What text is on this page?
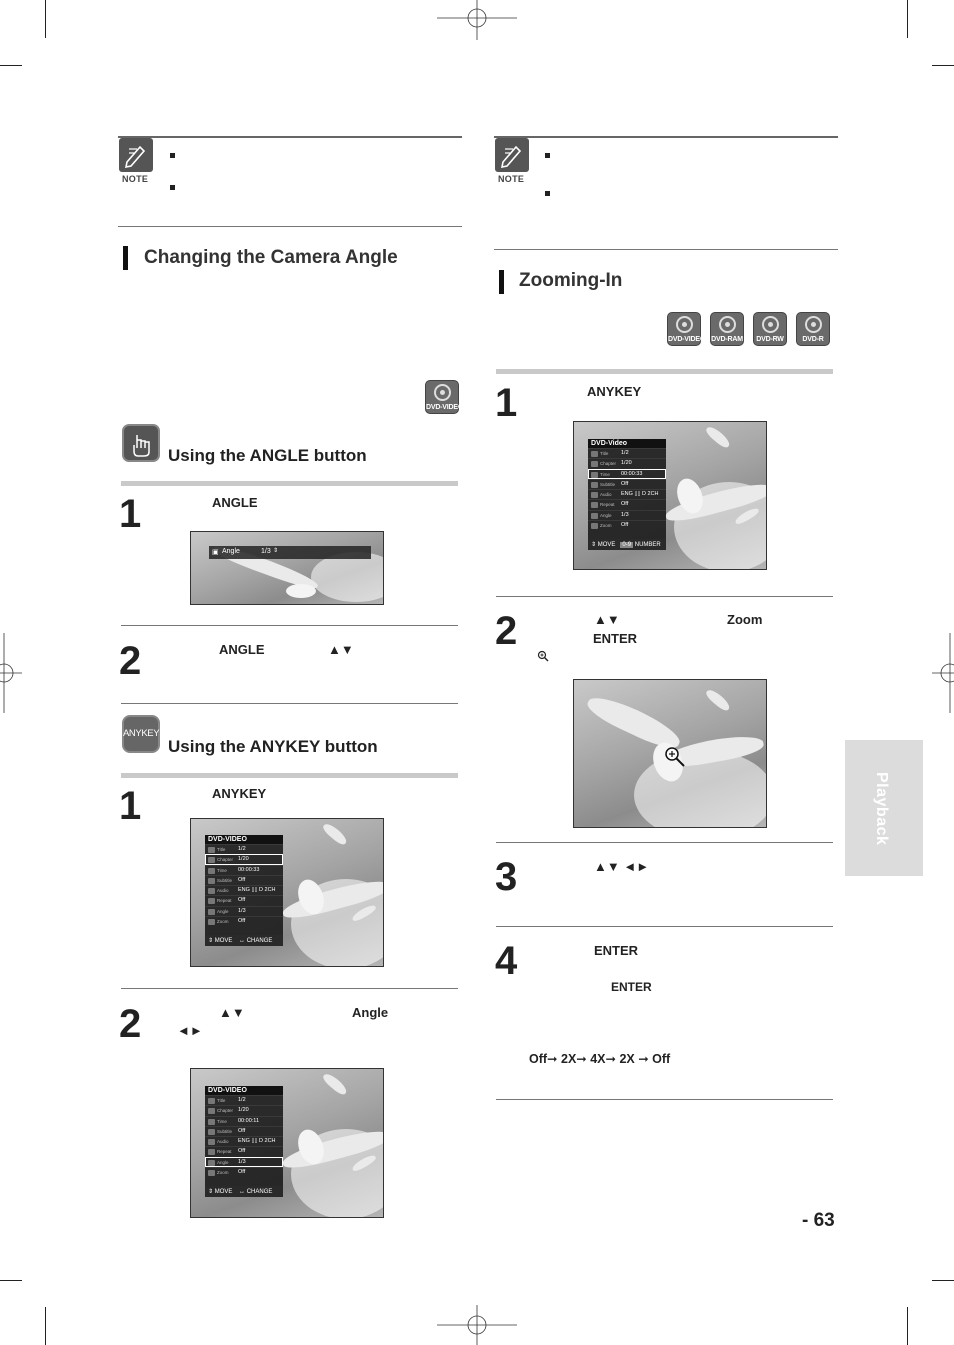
NOTE
Changing the Camera Angle
DVD-VIDEO
Using the ANGLE button
1	ANGLE
▣ Angle	1/3 ⇕
2	ANGLE	▲▼
ANYKEY
Using the ANYKEY button
1	ANYKEY
DVD-VIDEO
Title	1/2
Chapter 1/20
Time	00:00:33
Subtitle	Off
Audio	ENG ▯▯ D 2CH
Repeat	Off
Angle	1/3
Zoom	Off
⇕ MOVE    ↔ CHANGE
2	▲▼	Angle
◄►
DVD-VIDEO
Title	1/2
Chapter 1/20
Time	00:00:11
Subtitle	Off
Audio	ENG ▯▯ D 2CH
Repeat	Off
Angle	1/3
Zoom	Off
⇕ MOVE    ↔ CHANGE
NOTE
Zooming-In
DVD-VIDEO DVD-RAM	DVD-RW	DVD-R
1	ANYKEY
DVD-Video
Title	1/2
Chapter 1/20
Time	00:00:33
Subtitle	Off
Audio	ENG ▯▯ D 2CH
Repeat	Off
Angle	1/3
Zoom	Off
⇕ MOVE 0-9 NUMBER
2	▲▼	Zoom
ENTER
3	▲▼ ◄►
4	ENTER
ENTER
Off➞ 2X➞ 4X➞ 2X ➞ Off
Playback
- 63
